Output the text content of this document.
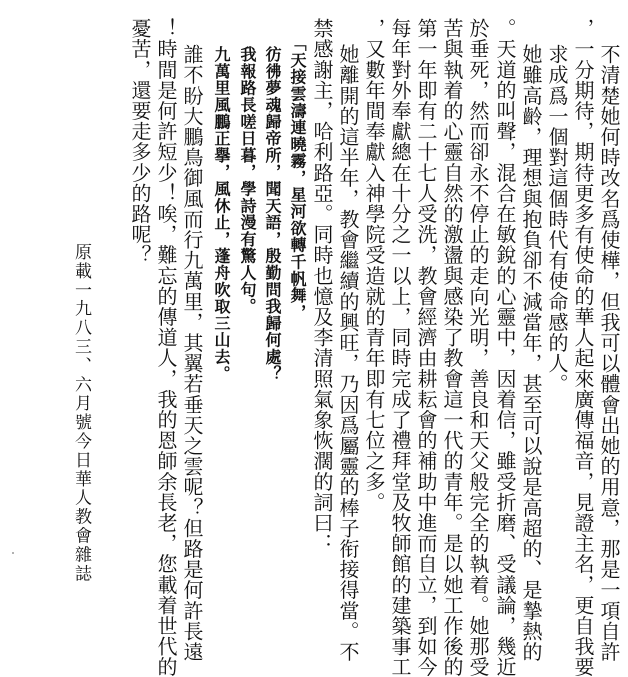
不清楚她何時改名爲使樺，但我可以體會出她的用意，那是一項自許
，一分期待，期待更多有使命的華人起來廣傳福音，見證主名，更自我要
求成爲一個對這個時代有使命感的人。
她雖高齡，理想與抱負卻不減當年，甚至可以說是高超的、是摯熱的
。天道的叫聲，混合在敏銳的心靈中，因着信，雖受折磨、受議論，幾近
於垂死，然而卻永不停止的走向光明，善良和天父般完全的執着。她那受
苦與執着的心靈自然的激盪與感染了教會這一代的青年。是以她工作後的
第一年即有二十七人受洗，教會經濟由耕耘會的補助中進而自立，到如今
每年對外奉獻總在十分之一以上，同時完成了禮拜堂及牧師館的建築事工
，又數年間奉獻入神學院受造就的青年即有七位之多。
她離開的這半年，教會繼續的興旺，乃因爲屬靈的棒子衔接得當。不
禁感謝主，哈利路亞。同時也憶及李清照氣象恢濶的詞曰：
「天接雲濤連曉霧，星河欲轉千帆舞，
彷彿夢魂歸帝所，聞天語，殷勤問我歸何處？
我報路長嗟日暮，學詩漫有驚人句。
九萬里風鵬正擧，風休止，蓬舟吹取三山去。
誰不盼大鵬鳥御風而行九萬里，其翼若垂天之雲呢？但路是何許長遠
！時間是何許短少！唉，難忘的傳道人，我的恩師余長老，您載着世代的
憂苦，還要走多少的路呢？
原載一九八三、六月號今日華人教會雜誌
